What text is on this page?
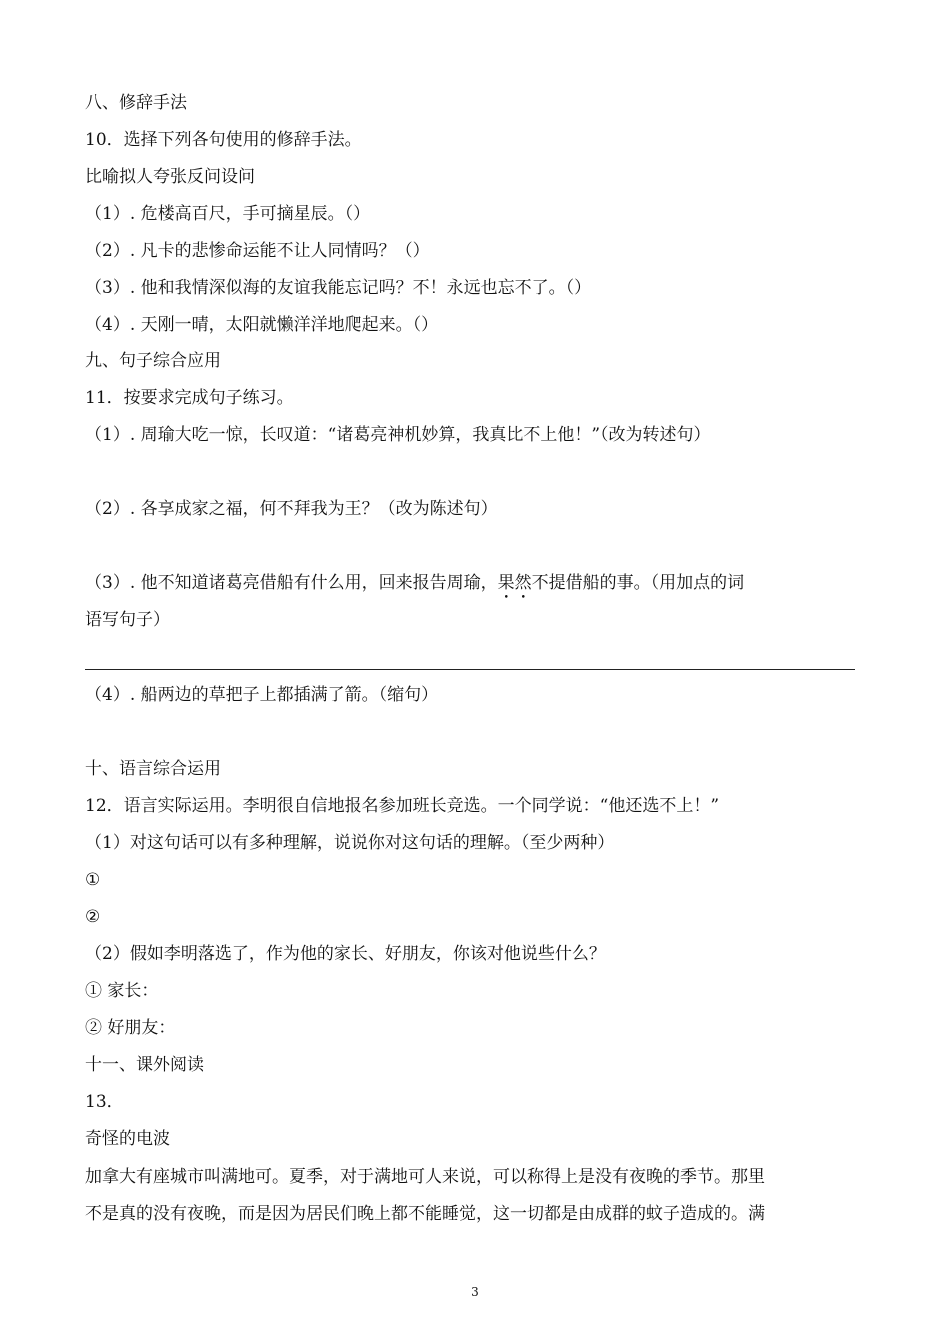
八、修辞手法
10．选择下列各句使用的修辞手法。
比喻拟人夸张反问设问
（1）. 危楼高百尺，手可摘星辰。（）
（2）. 凡卡的悲惨命运能不让人同情吗？（）
（3）. 他和我情深似海的友谊我能忘记吗？不！永远也忘不了。（）
（4）. 天刚一晴，太阳就懒洋洋地爬起来。（）
九、句子综合应用
11．按要求完成句子练习。
（1）. 周瑜大吃一惊，长叹道：“诸葛亮神机妙算，我真比不上他！”（改为转述句）
（2）. 各享成家之福，何不拜我为王？（改为陈述句）
（3）. 他不知道诸葛亮借船有什么用，回来报告周瑜，果然不提借船的事。（用加点的词
语写句子）
（4）. 船两边的草把子上都插满了箭。（缩句）
十、语言综合运用
12．语言实际运用。李明很自信地报名参加班长竞选。一个同学说：“他还选不上！”
（1）对这句话可以有多种理解，说说你对这句话的理解。（至少两种）
①
②
（2）假如李明落选了，作为他的家长、好朋友，你该对他说些什么？
① 家长：
② 好朋友：
十一、课外阅读
13．
奇怪的电波
加拿大有座城市叫满地可。夏季，对于满地可人来说，可以称得上是没有夜晚的季节。那里
不是真的没有夜晚，而是因为居民们晚上都不能睡觉，这一切都是由成群的蚊子造成的。满
3
